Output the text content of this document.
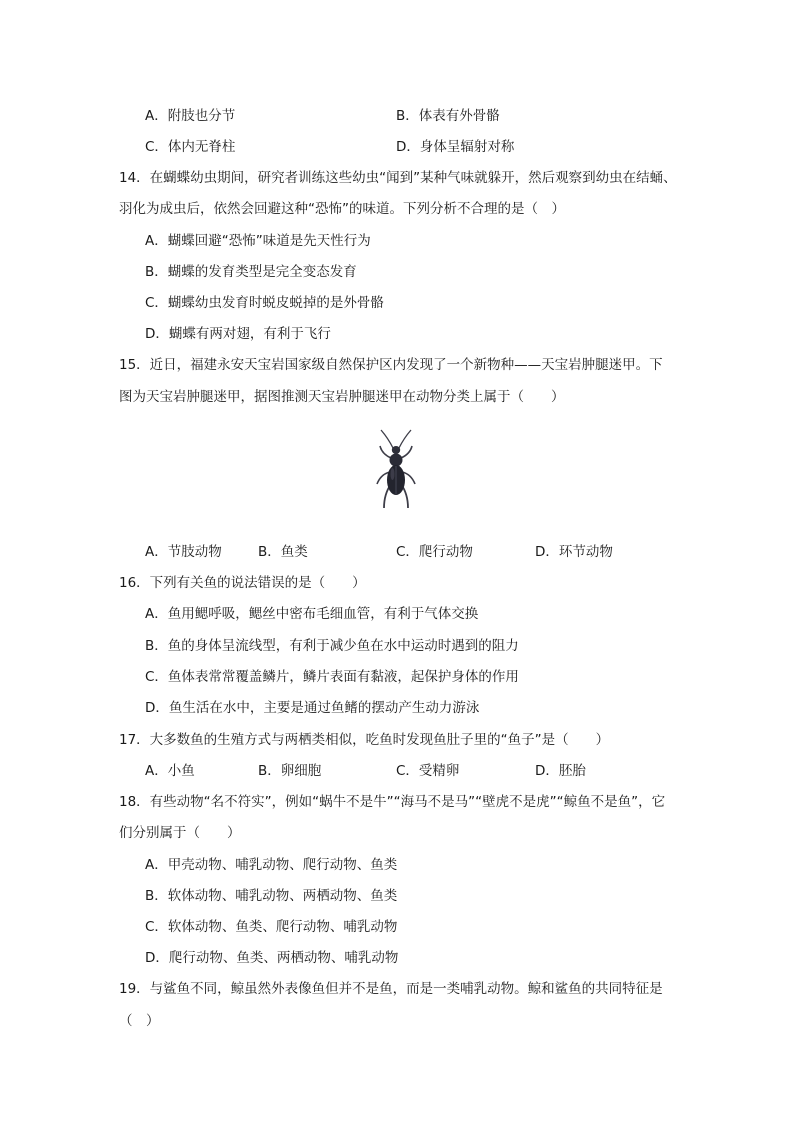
A．附肢也分节	B．体表有外骨骼
C．体内无脊柱	D．身体呈辐射对称
14．在蝴蝶幼虫期间，研究者训练这些幼虫“闻到”某种气味就躲开，然后观察到幼虫在结蛹、
羽化为成虫后，依然会回避这种“恐怖”的味道。下列分析不合理的是（　）
A．蝴蝶回避“恐怖”味道是先天性行为
B．蝴蝶的发育类型是完全变态发育
C．蝴蝶幼虫发育时蜕皮蜕掉的是外骨骼
D．蝴蝶有两对翅，有利于飞行
15．近日，福建永安天宝岩国家级自然保护区内发现了一个新物种——天宝岩肿腿迷甲。下
图为天宝岩肿腿迷甲，据图推测天宝岩肿腿迷甲在动物分类上属于（　　）
A．节肢动物	B．鱼类	C．爬行动物	D．环节动物
16．下列有关鱼的说法错误的是（　　）
A．鱼用鳃呼吸，鳃丝中密布毛细血管，有利于气体交换
B．鱼的身体呈流线型，有利于减少鱼在水中运动时遇到的阻力
C．鱼体表常常覆盖鳞片，鳞片表面有黏液，起保护身体的作用
D．鱼生活在水中，主要是通过鱼鳍的摆动产生动力游泳
17．大多数鱼的生殖方式与两栖类相似，吃鱼时发现鱼肚子里的“鱼子”是（　　）
A．小鱼	B．卵细胞	C．受精卵	D．胚胎
18．有些动物“名不符实”，例如“蜗牛不是牛”“海马不是马”“壁虎不是虎”“鲸鱼不是鱼”，它
们分别属于（　　）
A．甲壳动物、哺乳动物、爬行动物、鱼类
B．软体动物、哺乳动物、两栖动物、鱼类
C．软体动物、鱼类、爬行动物、哺乳动物
D．爬行动物、鱼类、两栖动物、哺乳动物
19．与鲨鱼不同，鲸虽然外表像鱼但并不是鱼，而是一类哺乳动物。鲸和鲨鱼的共同特征是
（　）
